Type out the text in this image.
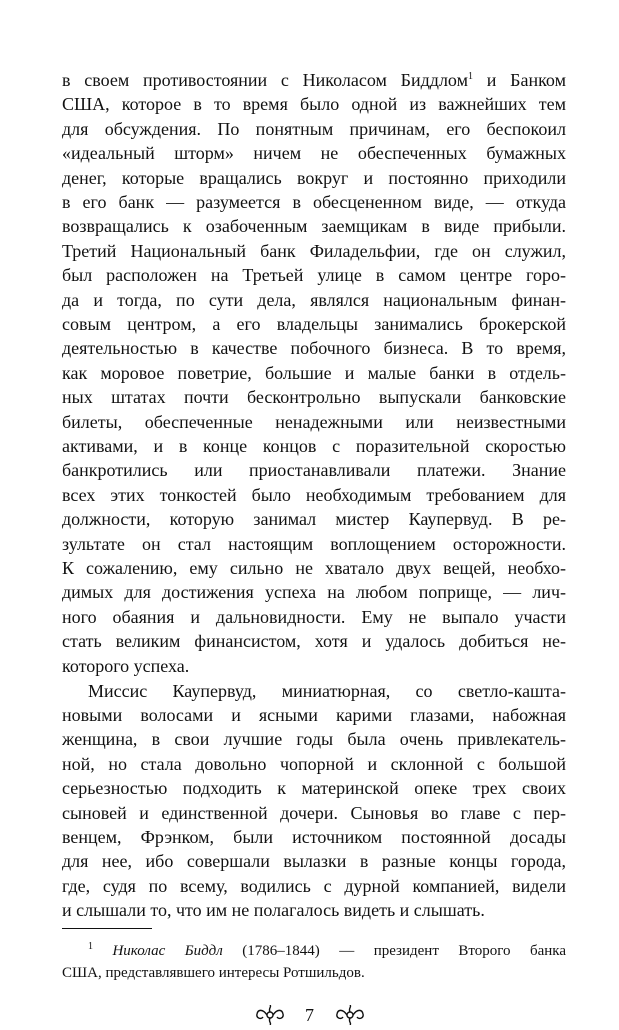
в своем противостоянии с Николасом Биддлом$^1$ и Банком
США, которое в то время было одной из важнейших тем
для обсуждения. По понятным причинам, его беспокоил
«идеальный шторм» ничем не обеспеченных бумажных
денег, которые вращались вокруг и постоянно приходили
в его банк — разумеется в обесцененном виде, — откуда
возвращались к озабоченным заемщикам в виде прибыли.
Третий Национальный банк Филадельфии, где он служил,
был расположен на Третьей улице в самом центре горо-
да и тогда, по сути дела, являлся национальным финан-
совым центром, а его владельцы занимались брокерской
деятельностью в качестве побочного бизнеса. В то время,
как моровое поветрие, большие и малые банки в отдель-
ных штатах почти бесконтрольно выпускали банковские
билеты, обеспеченные ненадежными или неизвестными
активами, и в конце концов с поразительной скоростью
банкротились или приостанавливали платежи. Знание
всех этих тонкостей было необходимым требованием для
должности, которую занимал мистер Каупервуд. В ре-
зультате он стал настоящим воплощением осторожности.
К сожалению, ему сильно не хватало двух вещей, необхо-
димых для достижения успеха на любом поприще, — лич-
ного обаяния и дальновидности. Ему не выпало участи
стать великим финансистом, хотя и удалось добиться не-
которого успеха.
Миссис Каупервуд, миниатюрная, со светло-кашта-
новыми волосами и ясными карими глазами, набожная
женщина, в свои лучшие годы была очень привлекатель-
ной, но стала довольно чопорной и склонной с большой
серьезностью подходить к материнской опеке трех своих
сыновей и единственной дочери. Сыновья во главе с пер-
венцем, Фрэнком, были источником постоянной досады
для нее, ибо совершали вылазки в разные концы города,
где, судя по всему, водились с дурной компанией, видели
и слышали то, что им не полагалось видеть и слышать.
$^1$ Николас Биддл (1786–1844) — президент Второго банка
США, представлявшего интересы Ротшильдов.
7
